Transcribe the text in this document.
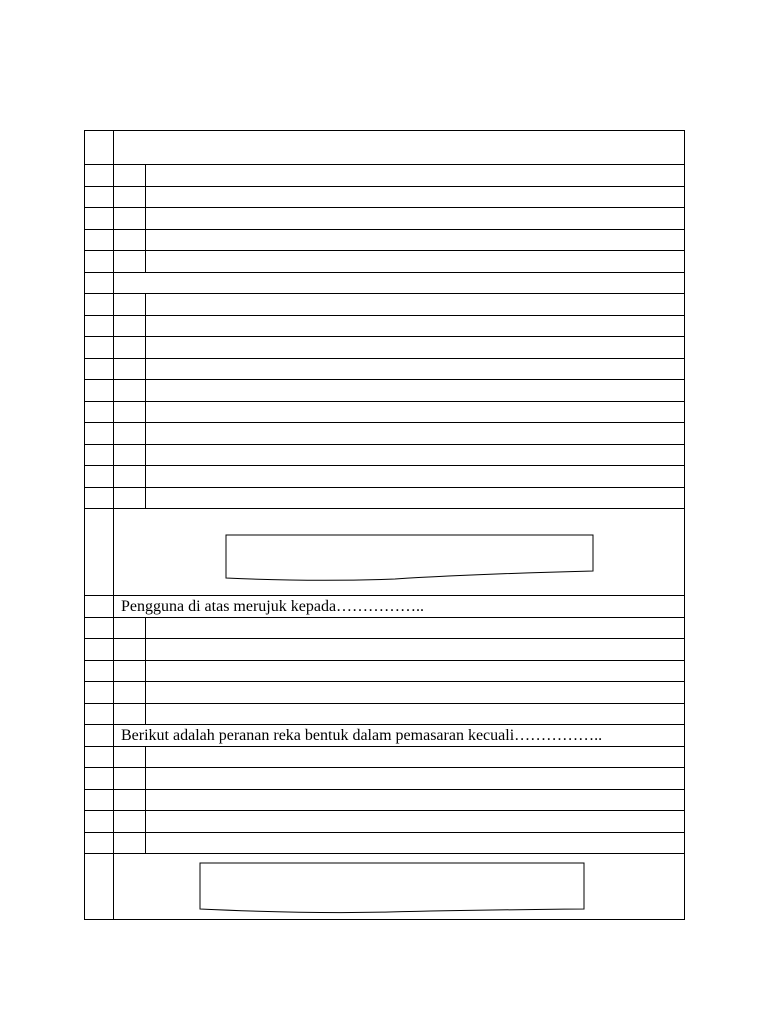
Pengguna di atas merujuk kepada……………..
Berikut adalah peranan reka bentuk dalam pemasaran kecuali……………..
